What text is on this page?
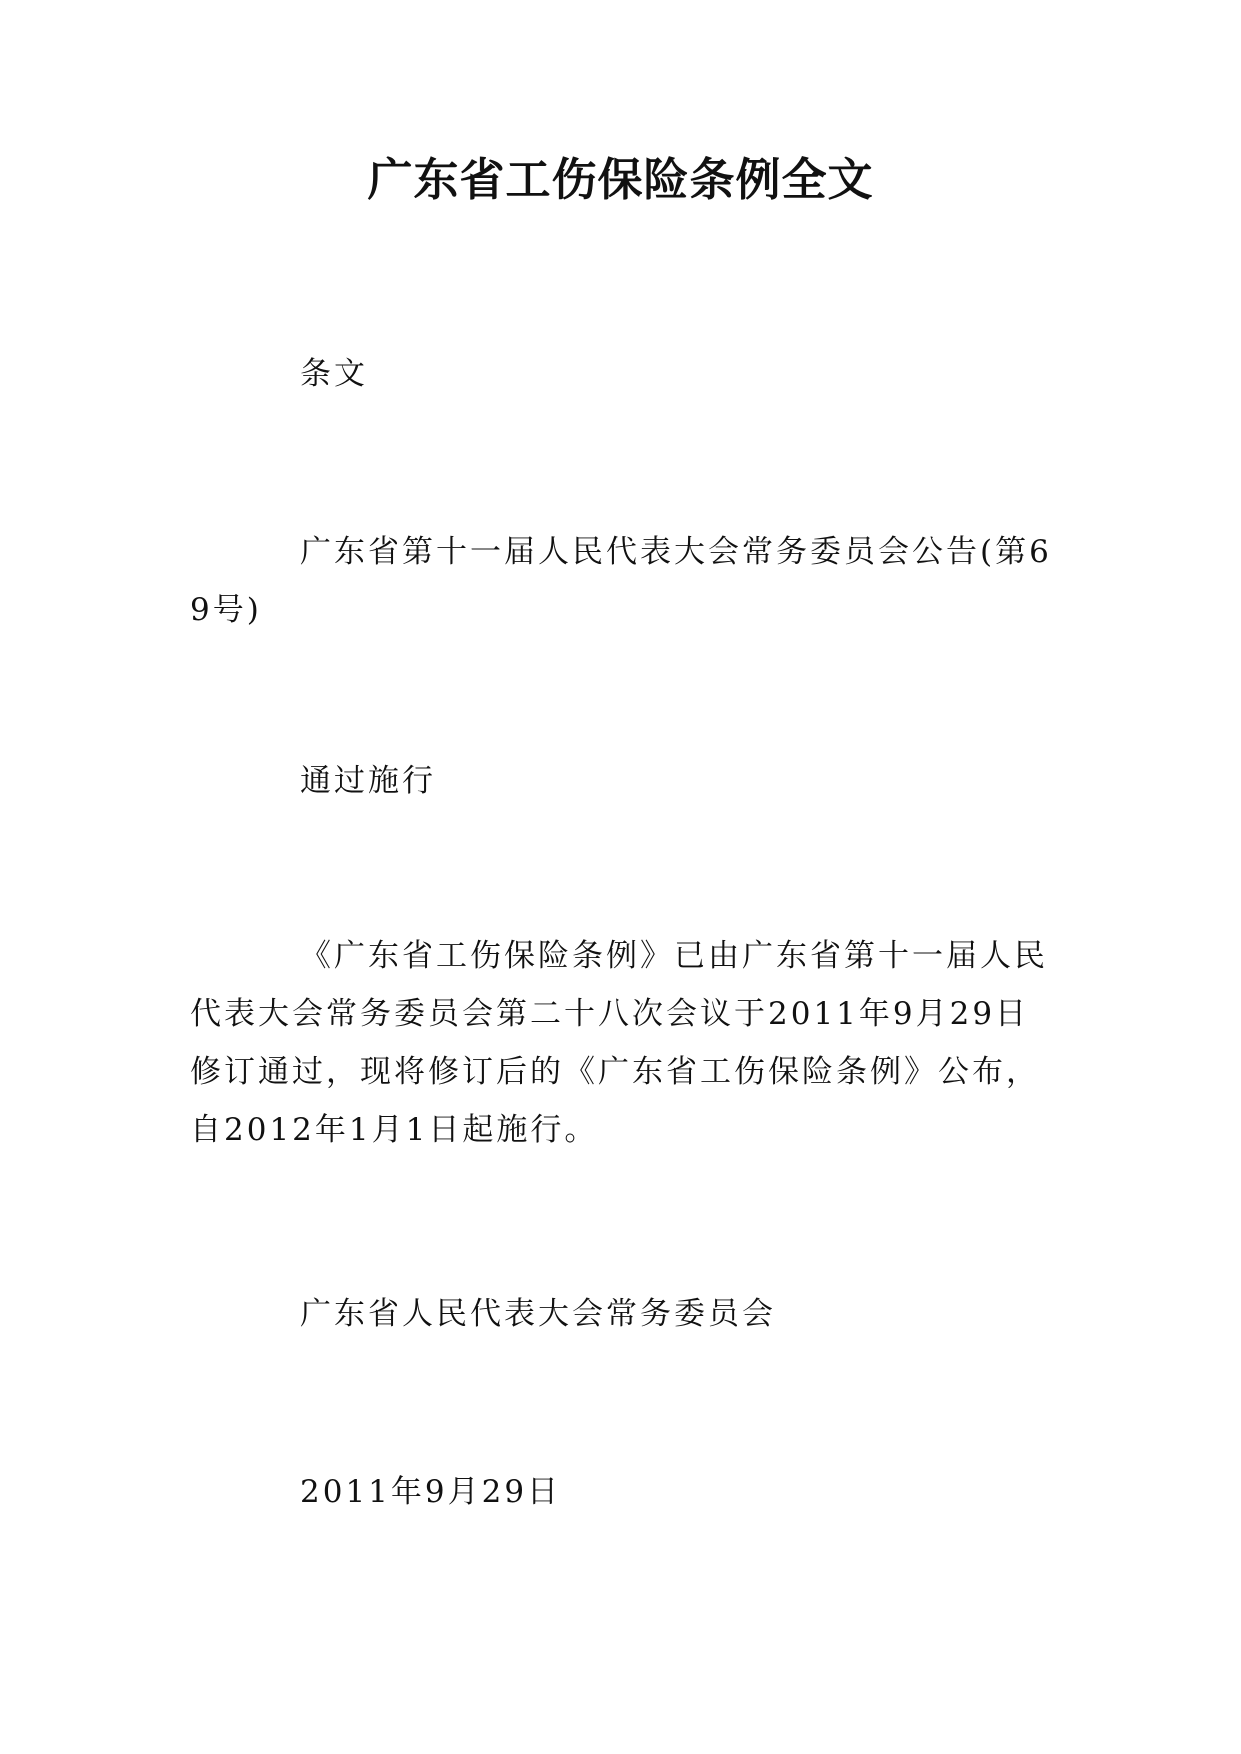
广东省工伤保险条例全文

条文

广东省第十一届人民代表大会常务委员会公告(第69号)

通过施行

《广东省工伤保险条例》已由广东省第十一届人民代表大会常务委员会第二十八次会议于2011年9月29日修订通过，现将修订后的《广东省工伤保险条例》公布，自2012年1月1日起施行。

广东省人民代表大会常务委员会

2011年9月29日
